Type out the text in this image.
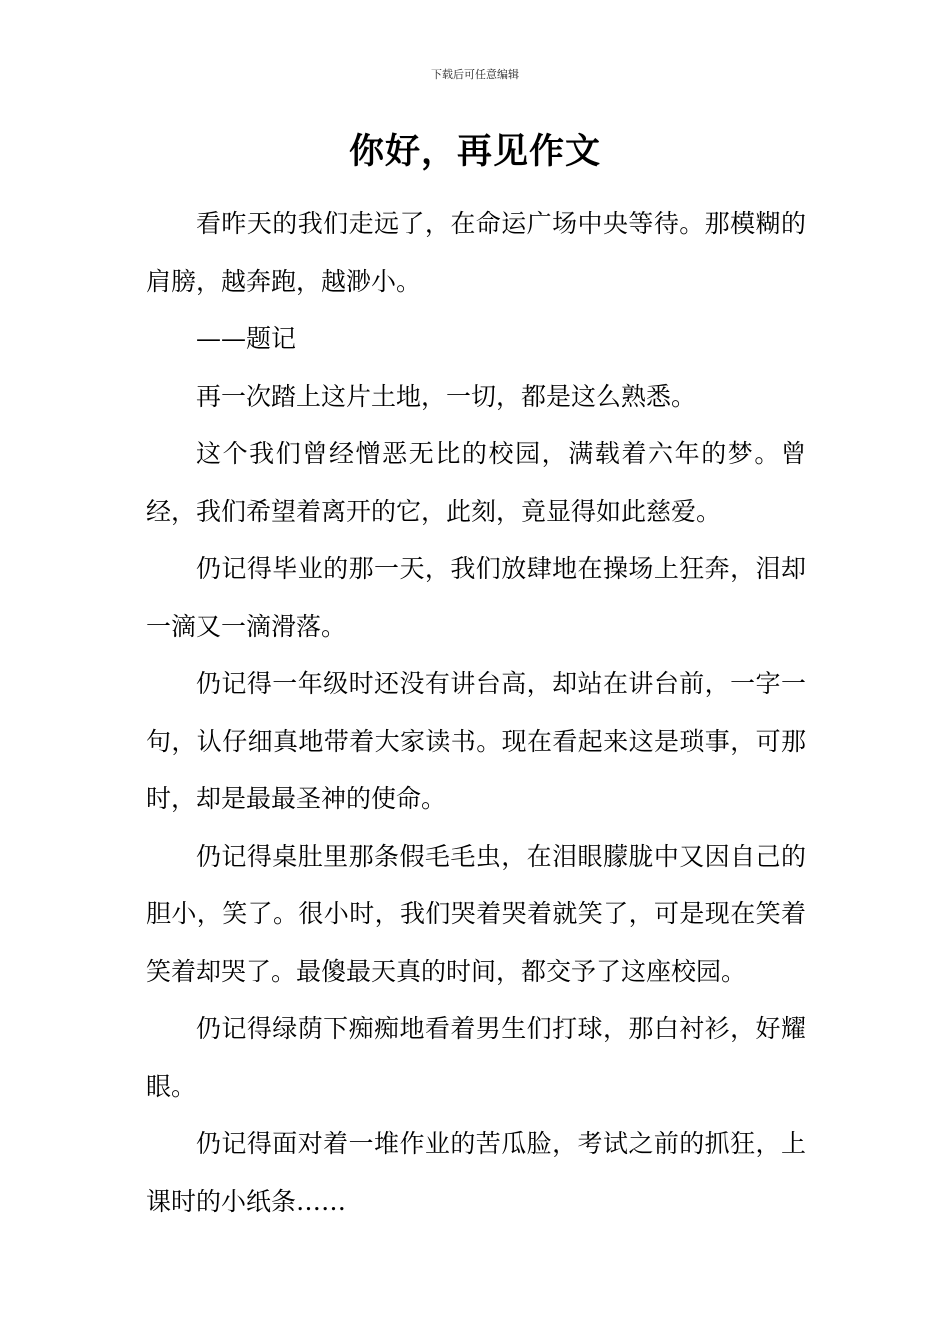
下载后可任意编辑
你好，再见作文

看昨天的我们走远了，在命运广场中央等待。那模糊的肩膀，越奔跑，越渺小。

——题记

再一次踏上这片土地，一切，都是这么熟悉。

这个我们曾经憎恶无比的校园，满载着六年的梦。曾经，我们希望着离开的它，此刻，竟显得如此慈爱。

仍记得毕业的那一天，我们放肆地在操场上狂奔，泪却一滴又一滴滑落。

仍记得一年级时还没有讲台高，却站在讲台前，一字一句，认仔细真地带着大家读书。现在看起来这是琐事，可那时，却是最最圣神的使命。

仍记得桌肚里那条假毛毛虫，在泪眼朦胧中又因自己的胆小，笑了。很小时，我们哭着哭着就笑了，可是现在笑着笑着却哭了。最傻最天真的时间，都交予了这座校园。

仍记得绿荫下痴痴地看着男生们打球，那白衬衫，好耀眼。

仍记得面对着一堆作业的苦瓜脸，考试之前的抓狂，上课时的小纸条……
